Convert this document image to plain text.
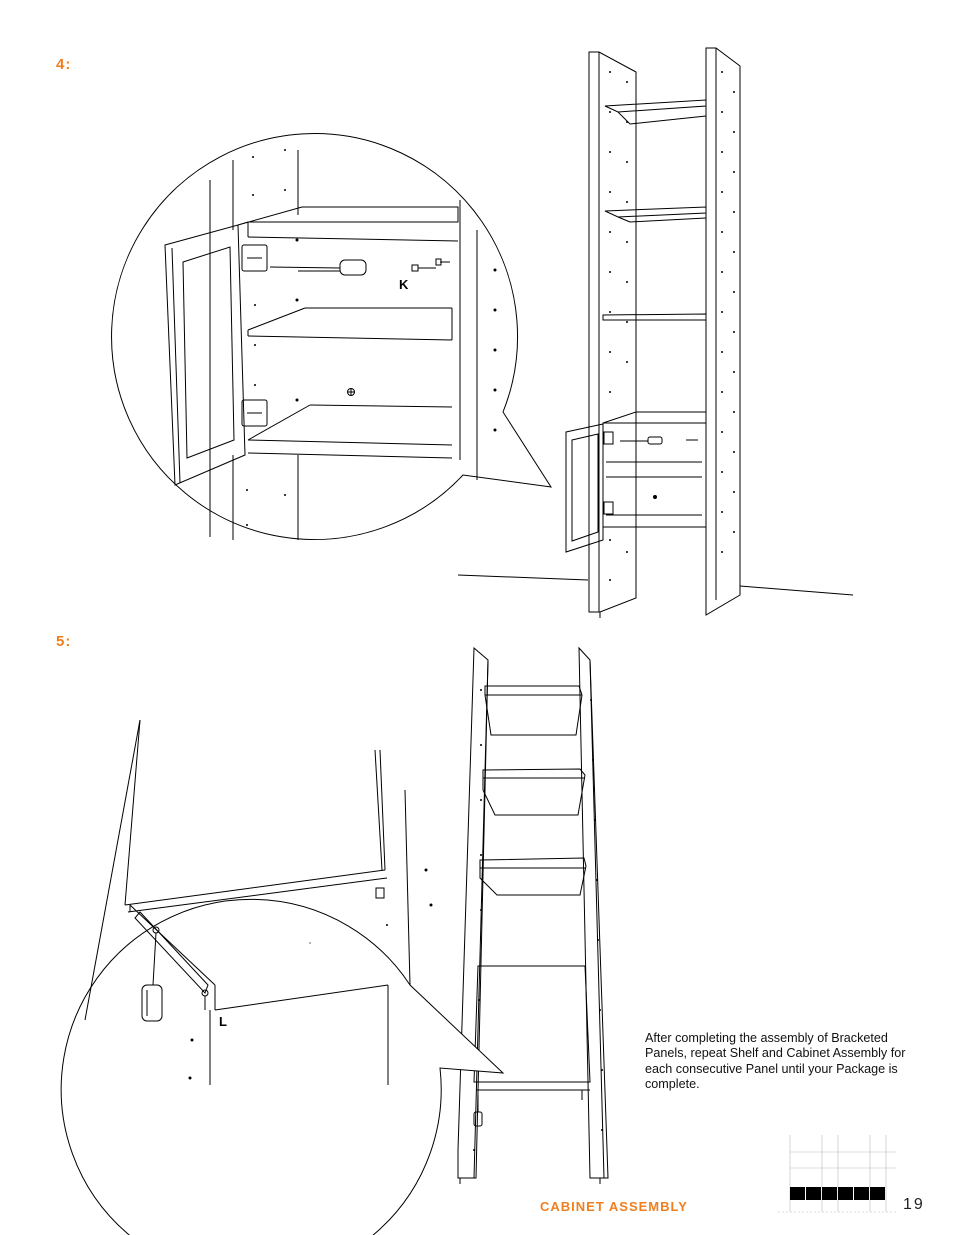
4:
5:
K
L
After completing the assembly of Bracketed Panels, repeat Shelf and Cabinet Assembly for each consecutive Panel until your Package is complete.
CABINET ASSEMBLY	19
